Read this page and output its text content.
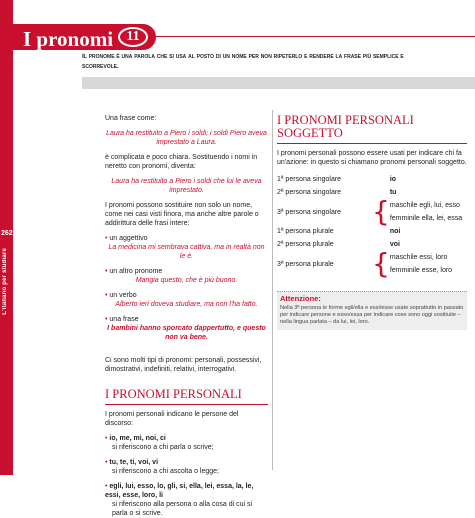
262
L'italiano per studiare
I pronomi 11
Il pronome è una parola che si usa al posto di un nome per non ripeterlo e rendere la frase più semplice e scorrevole.
Una frase come:
Laura ha restituito a Piero i soldi; i soldi Piero aveva imprestato a Laura.
è complicata e poco chiara. Sostituendo i nomi in neretto con pronomi, diventa:
Laura ha restituito a Piero i soldi che lui le aveva imprestato.
I pronomi possono sostituire non solo un nome, come nei casi visti finora, ma anche altre parole o addirittura delle frasi intere:
• un aggettivo
La medicina mi sembrava cattiva, ma in realtà non le è.
• un altro pronome
Mangia questo, che è più buono.
• un verbo
Alberto ieri doveva studiare, ma non l'ha fatto.
• una frase
I bambini hanno sporcato dappertutto, e questo non va bene.
Ci sono molti tipi di pronomi: personali, possessivi, dimostrativi, indefiniti, relativi, interrogativi.
I PRONOMI PERSONALI
I pronomi personali indicano le persone del discorso:
• io, me, mi, noi, ci
si riferiscono a chi parla o scrive;
• tu, te, ti, voi, vi
si riferiscono a chi ascolta o legge;
• egli, lui, esso, lo, gli, si, ella, lei, essa, la, le, essi, esse, loro, li
si riferiscono alla persona o alla cosa di cui si parla o si scrive.
I PRONOMI PERSONALI SOGGETTO
I pronomi personali possono essere usati per indicare chi fa un'azione: in questo si chiamano pronomi personali soggetto.
1ª persona singolare		io
2ª persona singolare		tu
3ª persona singolare	{	maschile egli, lui, esso
femminile ella, lei, essa

1ª persona plurale		noi
2ª persona plurale		voi
3ª persona plurale	{	maschile essi, loro
femminile esse, loro
Attenzione:
Nella 3ª persona le forme egli/ella e essi/esse usate soprattutto in passato per indicare persone e esso/essa per indicare cose sono oggi sostituite – nella lingua parlata – da lui, lei, loro.
